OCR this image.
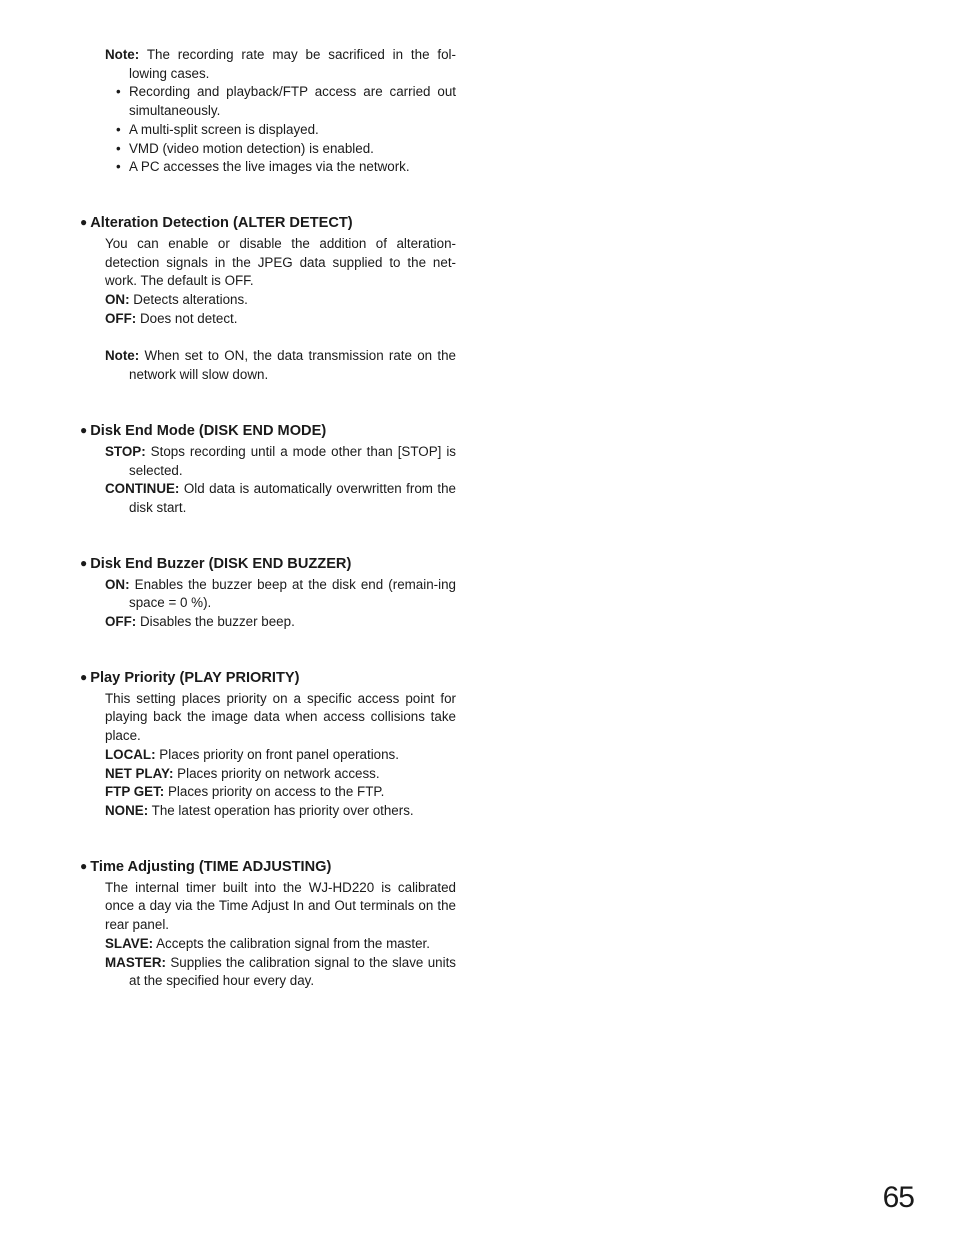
Note: The recording rate may be sacrificed in the fol-lowing cases.

• Recording and playback/FTP access are carried out simultaneously.
• A multi-split screen is displayed.
• VMD (video motion detection) is enabled.
• A PC accesses the live images via the network.
● Alteration Detection (ALTER DETECT)

You can enable or disable the addition of alteration-detection signals in the JPEG data supplied to the net-work. The default is OFF.

ON: Detects alterations.

OFF: Does not detect.

Note: When set to ON, the data transmission rate on the network will slow down.

● Disk End Mode (DISK END MODE)

STOP: Stops recording until a mode other than [STOP] is selected.

CONTINUE: Old data is automatically overwritten from the disk start.

● Disk End Buzzer (DISK END BUZZER)

ON: Enables the buzzer beep at the disk end (remain-ing space = 0 %).

OFF: Disables the buzzer beep.

● Play Priority (PLAY PRIORITY)

This setting places priority on a specific access point for playing back the image data when access collisions take place.

LOCAL: Places priority on front panel operations.

NET PLAY: Places priority on network access.

FTP GET: Places priority on access to the FTP.

NONE: The latest operation has priority over others.

● Time Adjusting (TIME ADJUSTING)

The internal timer built into the WJ-HD220 is calibrated once a day via the Time Adjust In and Out terminals on the rear panel.

SLAVE: Accepts the calibration signal from the master.

MASTER: Supplies the calibration signal to the slave units at the specified hour every day.

65
